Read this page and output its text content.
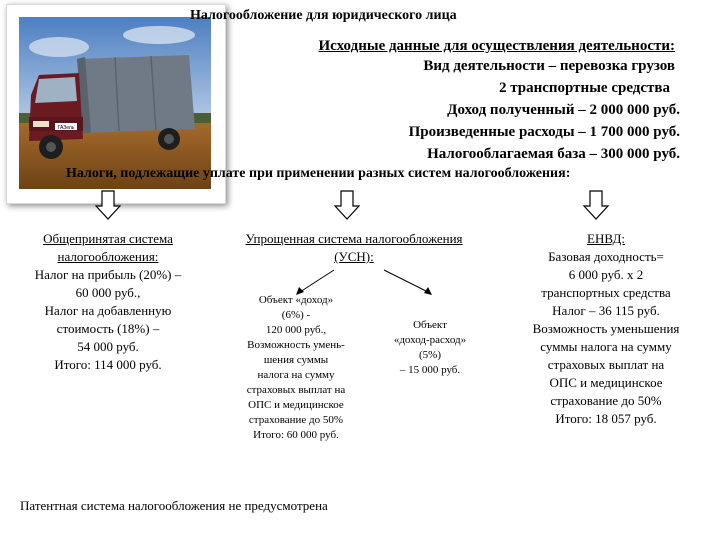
ГАЗель
Налогообложение для юридического лица
Исходные данные для осуществления деятельности:
Вид деятельности – перевозка грузов
2 транспортные средства
Доход полученный – 2 000 000 руб.
Произведенные расходы – 1 700 000 руб.
Налогооблагаемая база – 300 000 руб.
Налоги, подлежащие уплате при применении разных систем налогообложения:
Общепринятая система
налогообложения:
Налог на прибыль (20%) –
60 000 руб.,
Налог на добавленную
стоимость (18%) –
54 000 руб.
Итого: 114 000 руб.
Упрощенная система налогообложения
(УСН):
Объект «доход»
(6%) -
120 000 руб.,
Возможность умень-
шения суммы
налога на сумму
страховых выплат на
ОПС и медицинское
страхование до 50%
Итого: 60 000 руб.
Объект
«доход-расход»
(5%)
– 15 000 руб.
ЕНВД:
Базовая доходность=
6 000 руб. х 2
транспортных средства
Налог – 36 115 руб.
Возможность уменьшения
суммы налога на сумму
страховых выплат на
ОПС и медицинское
страхование до 50%
Итого: 18 057 руб.
Патентная система налогообложения не предусмотрена
